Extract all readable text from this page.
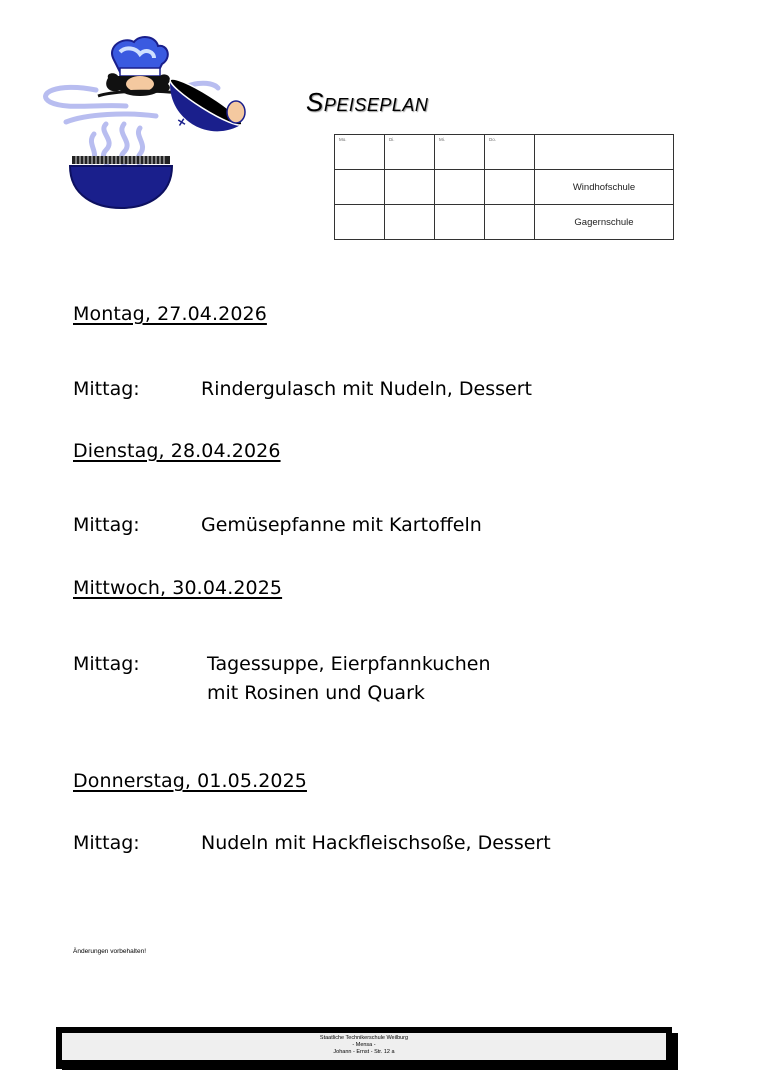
Speiseplan
Mo.	Di.	Mi.	Do.	

				Windhofschule
				Gagernschule
Montag, 27.04.2026
Mittag:	Rindergulasch mit Nudeln, Dessert
Dienstag, 28.04.2026
Mittag:	Gemüsepfanne mit Kartoffeln
Mittwoch, 30.04.2025
Mittag:	Tagessuppe, Eierpfannkuchen
mit Rosinen und Quark
Donnerstag, 01.05.2025
Mittag:	Nudeln mit Hackfleischsoße, Dessert
Änderungen vorbehalten!
Staatliche Technikerschule Weilburg
- Mensa -
Johann - Ernst - Str. 12 a
